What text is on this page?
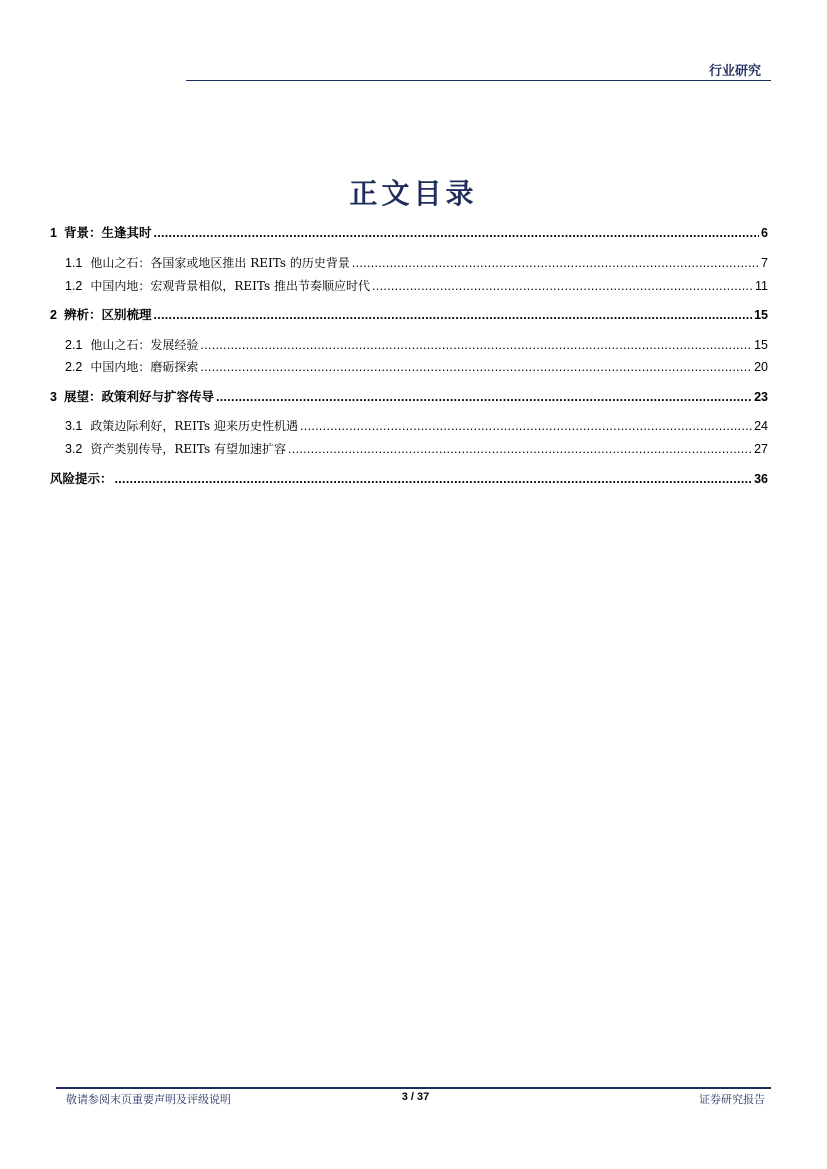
行业研究
正文目录
1 背景：生逢其时 .....	6
1.1 他山之石：各国家或地区推出 REITs 的历史背景 .....	7
1.2 中国内地：宏观背景相似，REITs 推出节奏顺应时代 .....	11
2 辨析：区别梳理 .....	15
2.1 他山之石：发展经验 .....	15
2.2 中国内地：磨砺探索 .....	20
3 展望：政策利好与扩容传导 .....	23
3.1 政策边际利好，REITs 迎来历史性机遇 .....	24
3.2 资产类别传导，REITs 有望加速扩容 .....	27
风险提示： .....	36
敬请参阅末页重要声明及评级说明	3 / 37	证券研究报告
